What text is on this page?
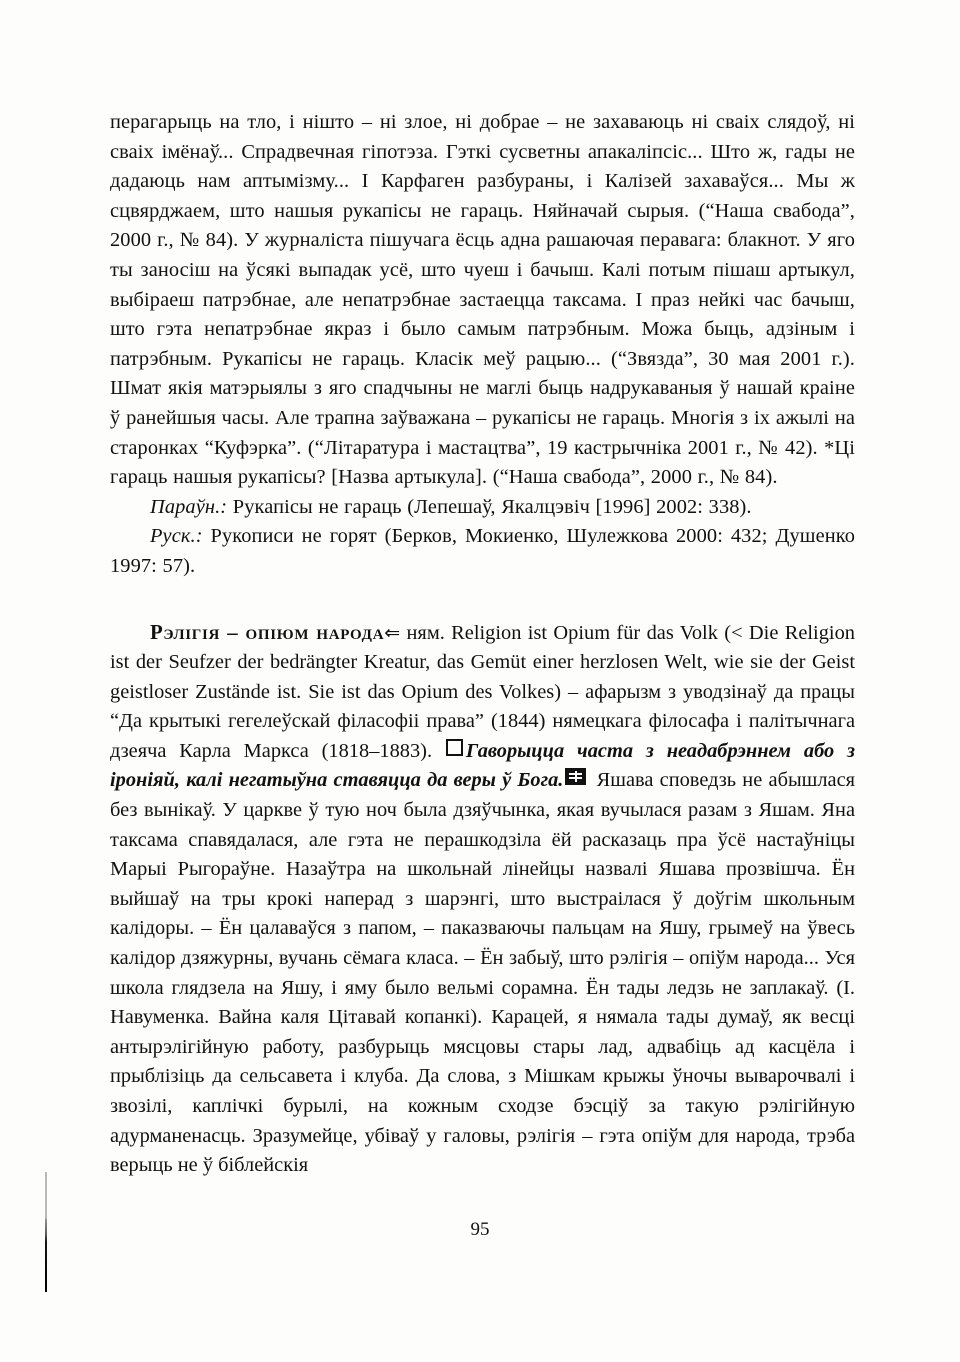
перагарыць на тло, і нішто – ні злое, ні добрае – не захаваюць ні сваіх слядоў, ні сваіх імёнаў... Спрадвечная гіпотэза. Гэткі сусветны апакаліпсіс... Што ж, гады не дадаюць нам аптымізму... І Карфаген разбураны, і Калізей захаваўся... Мы ж сцвярджаем, што нашыя рукапісы не гараць. Няйначай сырыя. (“Наша свабода”, 2000 г., № 84). У журналіста пішучага ёсць адна рашаючая перавага: блакнот. У яго ты заносіш на ўсякі выпадак усё, што чуеш і бачыш. Калі потым пішаш артыкул, выбіраеш патрэбнае, але непатрэбнае застаецца таксама. І праз нейкі час бачыш, што гэта непатрэбнае якраз і было самым патрэбным. Можа быць, адзіным і патрэбным. Рукапісы не гараць. Класік меў рацыю... (“Звязда”, 30 мая 2001 г.). Шмат якія матэрыялы з яго спадчыны не маглі быць надрукаваныя ў нашай краіне ў ранейшыя часы. Але трапна заўважана – рукапісы не гараць. Многія з іх ажылі на старонках “Куфэрка”. (“Літаратура і мастацтва”, 19 кастрычніка 2001 г., № 42). *Ці гараць нашыя рукапісы? [Назва артыкула]. (“Наша свабода”, 2000 г., № 84).

Параўн.: Рукапісы не гараць (Лепешаў, Якалцэвіч [1996] 2002: 338).

Руск.: Рукописи не горят (Берков, Мокиенко, Шулежкова 2000: 432; Душенко 1997: 57).

Рэлігія – опіюм народа⇐ ням. Religion ist Opium für das Volk (< Die Religion ist der Seufzer der bedrängter Kreatur, das Gemüt einer herzlosen Welt, wie sie der Geist geistloser Zustände ist. Sie ist das Opium des Volkes) – афарызм з уводзінаў да працы “Да крытыкі гегелеўскай філасофіі права” (1844) нямецкага філосафа і палітычнага дзеяча Карла Маркса (1818–1883). Гаворыцца часта з неадабрэннем або з іроніяй, калі негатыўна ставяцца да веры ў Бога. Яшава споведзь не абышлася без вынікаў. У царкве ў тую ноч была дзяўчынка, якая вучылася разам з Яшам. Яна таксама спавядалася, але гэта не перашкодзіла ёй расказаць пра ўсё настаўніцы Марыі Рыгораўне. Назаўтра на школьнай лінейцы назвалі Яшава прозвішча. Ён выйшаў на тры крокі наперад з шарэнгі, што выстраілася ў доўгім школьным калідоры. – Ён цалаваўся з папом, – паказваючы пальцам на Яшу, грымеў на ўвесь калідор дзяжурны, вучань сёмага класа. – Ён забыў, што рэлігія – опіўм народа... Уся школа глядзела на Яшу, і яму было вельмі сорамна. Ён тады ледзь не заплакаў. (І. Навуменка. Вайна каля Цітавай копанкі). Карацей, я нямала тады думаў, як весці антырэлігійную работу, разбурыць мясцовы стары лад, адвабіць ад касцёла і прыблізіць да сельсавета і клуба. Да слова, з Мішкам крыжы ўночы выварочвалі і звозілі, каплічкі бурылі, на кожным сходзе бэсціў за такую рэлігійную адурманенасць. Зразумейце, убіваў у галовы, рэлігія – гэта опіўм для народа, трэба верыць не ў біблейскія

95
